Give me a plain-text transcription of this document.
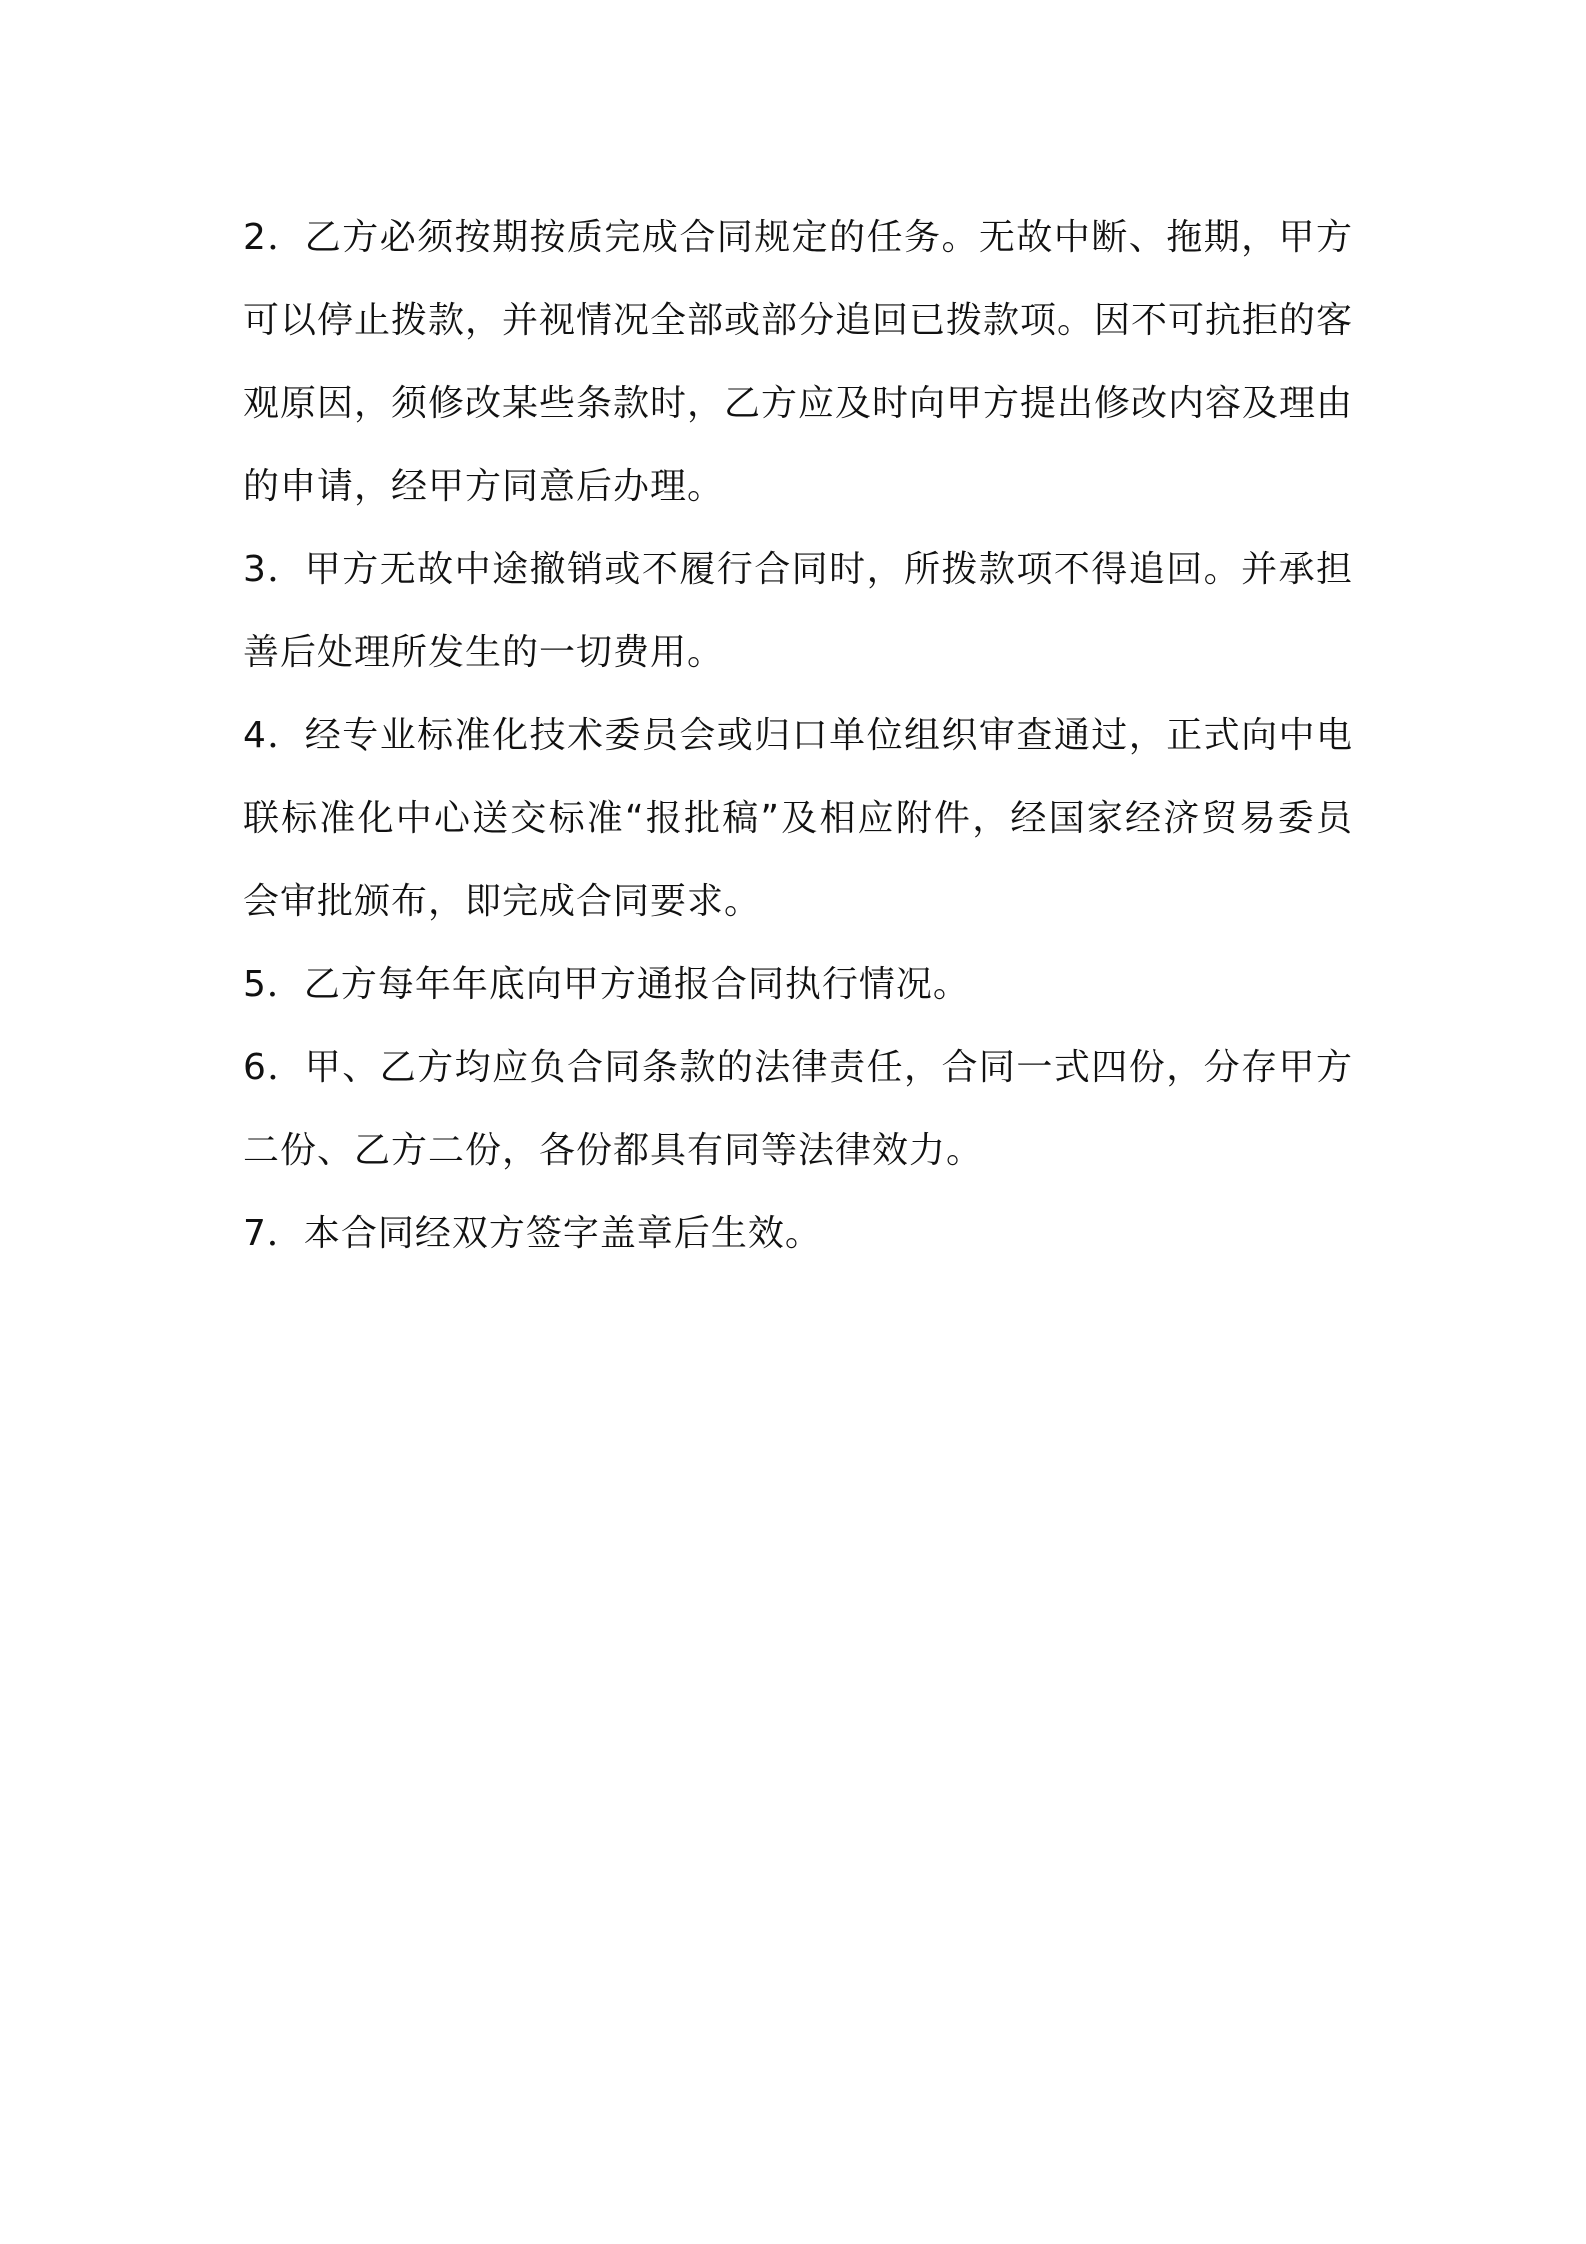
2．乙方必须按期按质完成合同规定的任务。无故中断、拖期，甲方可以停止拨款，并视情况全部或部分追回已拨款项。因不可抗拒的客观原因，须修改某些条款时，乙方应及时向甲方提出修改内容及理由的申请，经甲方同意后办理。

3．甲方无故中途撤销或不履行合同时，所拨款项不得追回。并承担善后处理所发生的一切费用。

4．经专业标准化技术委员会或归口单位组织审查通过，正式向中电联标准化中心送交标准“报批稿”及相应附件，经国家经济贸易委员会审批颁布，即完成合同要求。

5．乙方每年年底向甲方通报合同执行情况。

6．甲、乙方均应负合同条款的法律责任，合同一式四份，分存甲方二份、乙方二份，各份都具有同等法律效力。

7．本合同经双方签字盖章后生效。
